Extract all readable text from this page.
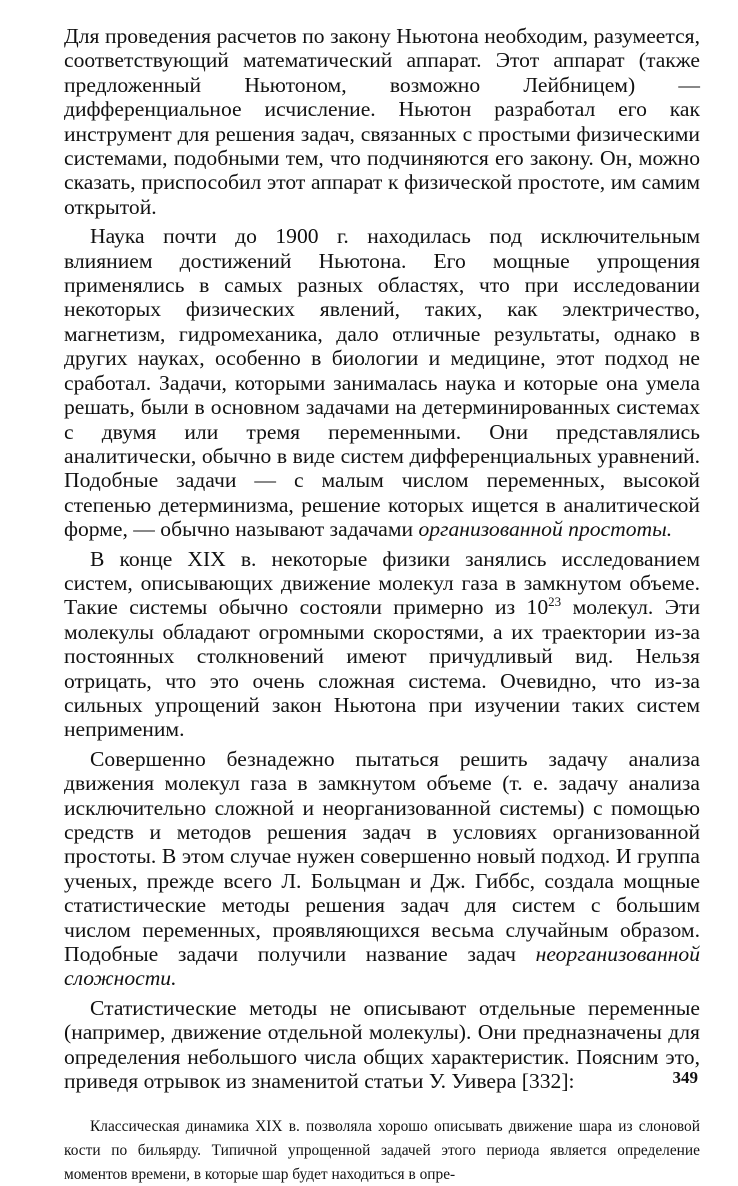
Для проведения расчетов по закону Ньютона необходим, разумеется, соответствующий математический аппарат. Этот аппарат (также предложенный Ньютоном, возможно Лейбницем) — дифференциальное исчисление. Ньютон разработал его как инструмент для решения задач, связанных с простыми физическими системами, подобными тем, что подчиняются его закону. Он, можно сказать, приспособил этот аппарат к физической простоте, им самим открытой.

Наука почти до 1900 г. находилась под исключительным влиянием достижений Ньютона. Его мощные упрощения применялись в самых разных областях, что при исследовании некоторых физических явлений, таких, как электричество, магнетизм, гидромеханика, дало отличные результаты, однако в других науках, особенно в биологии и медицине, этот подход не сработал. Задачи, которыми занималась наука и которые она умела решать, были в основном задачами на детерминированных системах с двумя или тремя переменными. Они представлялись аналитически, обычно в виде систем дифференциальных уравнений. Подобные задачи — с малым числом переменных, высокой степенью детерминизма, решение которых ищется в аналитической форме, — обычно называют задачами организованной простоты.

В конце XIX в. некоторые физики занялись исследованием систем, описывающих движение молекул газа в замкнутом объеме. Такие системы обычно состояли примерно из $10^{23}$ молекул. Эти молекулы обладают огромными скоростями, а их траектории из-за постоянных столкновений имеют причудливый вид. Нельзя отрицать, что это очень сложная система. Очевидно, что из-за сильных упрощений закон Ньютона при изучении таких систем неприменим.

Совершенно безнадежно пытаться решить задачу анализа движения молекул газа в замкнутом объеме (т. е. задачу анализа исключительно сложной и неорганизованной системы) с помощью средств и методов решения задач в условиях организованной простоты. В этом случае нужен совершенно новый подход. И группа ученых, прежде всего Л. Больцман и Дж. Гиббс, создала мощные статистические методы решения задач для систем с большим числом переменных, проявляющихся весьма случайным образом. Подобные задачи получили название задач неорганизованной сложности.

Статистические методы не описывают отдельные переменные (например, движение отдельной молекулы). Они предназначены для определения небольшого числа общих характеристик. Поясним это, приведя отрывок из знаменитой статьи У. Уивера [332]:

Классическая динамика XIX в. позволяла хорошо описывать движение шара из слоновой кости по бильярду. Типичной упрощенной задачей этого периода является определение моментов времени, в которые шар будет находиться в опре-

349
